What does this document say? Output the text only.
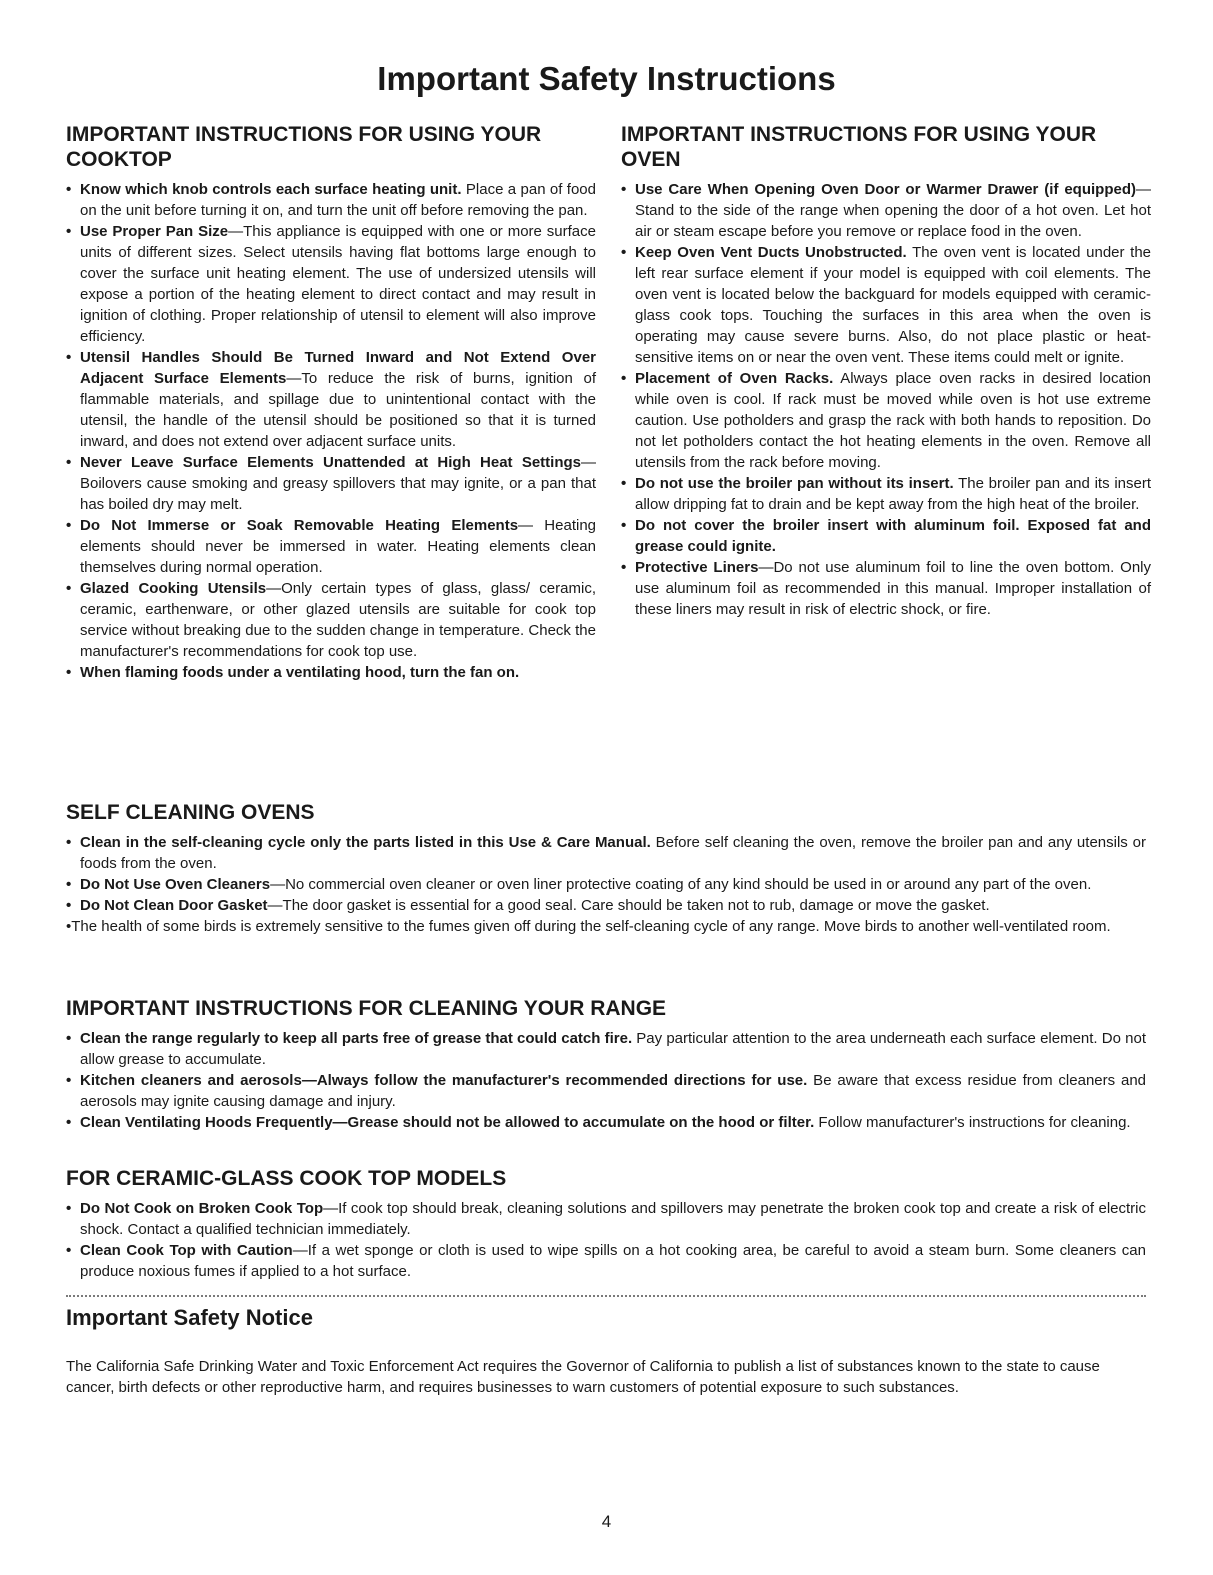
Important Safety Instructions
IMPORTANT INSTRUCTIONS FOR USING YOUR COOKTOP
• Know which knob controls each surface heating unit. Place a pan of food on the unit before turning it on, and turn the unit off before removing the pan.
• Use Proper Pan Size—This appliance is equipped with one or more surface units of different sizes. Select utensils having flat bottoms large enough to cover the surface unit heating element. The use of undersized utensils will expose a portion of the heating element to direct contact and may result in ignition of clothing. Proper relationship of utensil to element will also improve efficiency.
• Utensil Handles Should Be Turned Inward and Not Extend Over Adjacent Surface Elements—To reduce the risk of burns, ignition of flammable materials, and spillage due to unintentional contact with the utensil, the handle of the utensil should be positioned so that it is turned inward, and does not extend over adjacent surface units.
• Never Leave Surface Elements Unattended at High Heat Settings—Boilovers cause smoking and greasy spillovers that may ignite, or a pan that has boiled dry may melt.
• Do Not Immerse or Soak Removable Heating Elements— Heating elements should never be immersed in water. Heating elements clean themselves during normal operation.
• Glazed Cooking Utensils—Only certain types of glass, glass/ ceramic, ceramic, earthenware, or other glazed utensils are suitable for cook top service without breaking due to the sudden change in temperature. Check the manufacturer's recommendations for cook top use.
• When flaming foods under a ventilating hood, turn the fan on.
IMPORTANT INSTRUCTIONS FOR USING YOUR OVEN
• Use Care When Opening Oven Door or Warmer Drawer (if equipped)—Stand to the side of the range when opening the door of a hot oven. Let hot air or steam escape before you remove or replace food in the oven.
• Keep Oven Vent Ducts Unobstructed. The oven vent is located under the left rear surface element if your model is equipped with coil elements. The oven vent is located below the backguard for models equipped with ceramic-glass cook tops. Touching the surfaces in this area when the oven is operating may cause severe burns. Also, do not place plastic or heat-sensitive items on or near the oven vent. These items could melt or ignite.
• Placement of Oven Racks. Always place oven racks in desired location while oven is cool. If rack must be moved while oven is hot use extreme caution. Use potholders and grasp the rack with both hands to reposition. Do not let potholders contact the hot heating elements in the oven. Remove all utensils from the rack before moving.
• Do not use the broiler pan without its insert. The broiler pan and its insert allow dripping fat to drain and be kept away from the high heat of the broiler.
• Do not cover the broiler insert with aluminum foil. Exposed fat and grease could ignite.
• Protective Liners—Do not use aluminum foil to line the oven bottom. Only use aluminum foil as recommended in this manual. Improper installation of these liners may result in risk of electric shock, or fire.
SELF CLEANING OVENS
• Clean in the self-cleaning cycle only the parts listed in this Use & Care Manual. Before self cleaning the oven, remove the broiler pan and any utensils or foods from the oven.
• Do Not Use Oven Cleaners—No commercial oven cleaner or oven liner protective coating of any kind should be used in or around any part of the oven.
• Do Not Clean Door Gasket—The door gasket is essential for a good seal. Care should be taken not to rub, damage or move the gasket.
•The health of some birds is extremely sensitive to the fumes given off during the self-cleaning cycle of any range. Move birds to another well-ventilated room.
IMPORTANT INSTRUCTIONS FOR CLEANING YOUR RANGE
• Clean the range regularly to keep all parts free of grease that could catch fire. Pay particular attention to the area underneath each surface element. Do not allow grease to accumulate.
• Kitchen cleaners and aerosols—Always follow the manufacturer's recommended directions for use. Be aware that excess residue from cleaners and aerosols may ignite causing damage and injury.
• Clean Ventilating Hoods Frequently—Grease should not be allowed to accumulate on the hood or filter. Follow manufacturer's instructions for cleaning.
FOR CERAMIC-GLASS COOK TOP MODELS
• Do Not Cook on Broken Cook Top—If cook top should break, cleaning solutions and spillovers may penetrate the broken cook top and create a risk of electric shock. Contact a qualified technician immediately.
• Clean Cook Top with Caution—If a wet sponge or cloth is used to wipe spills on a hot cooking area, be careful to avoid a steam burn. Some cleaners can produce noxious fumes if applied to a hot surface.
Important Safety Notice

The California Safe Drinking Water and Toxic Enforcement Act requires the Governor of California to publish a list of substances known to the state to cause cancer, birth defects or other reproductive harm, and requires businesses to warn customers of potential exposure to such substances.

4
